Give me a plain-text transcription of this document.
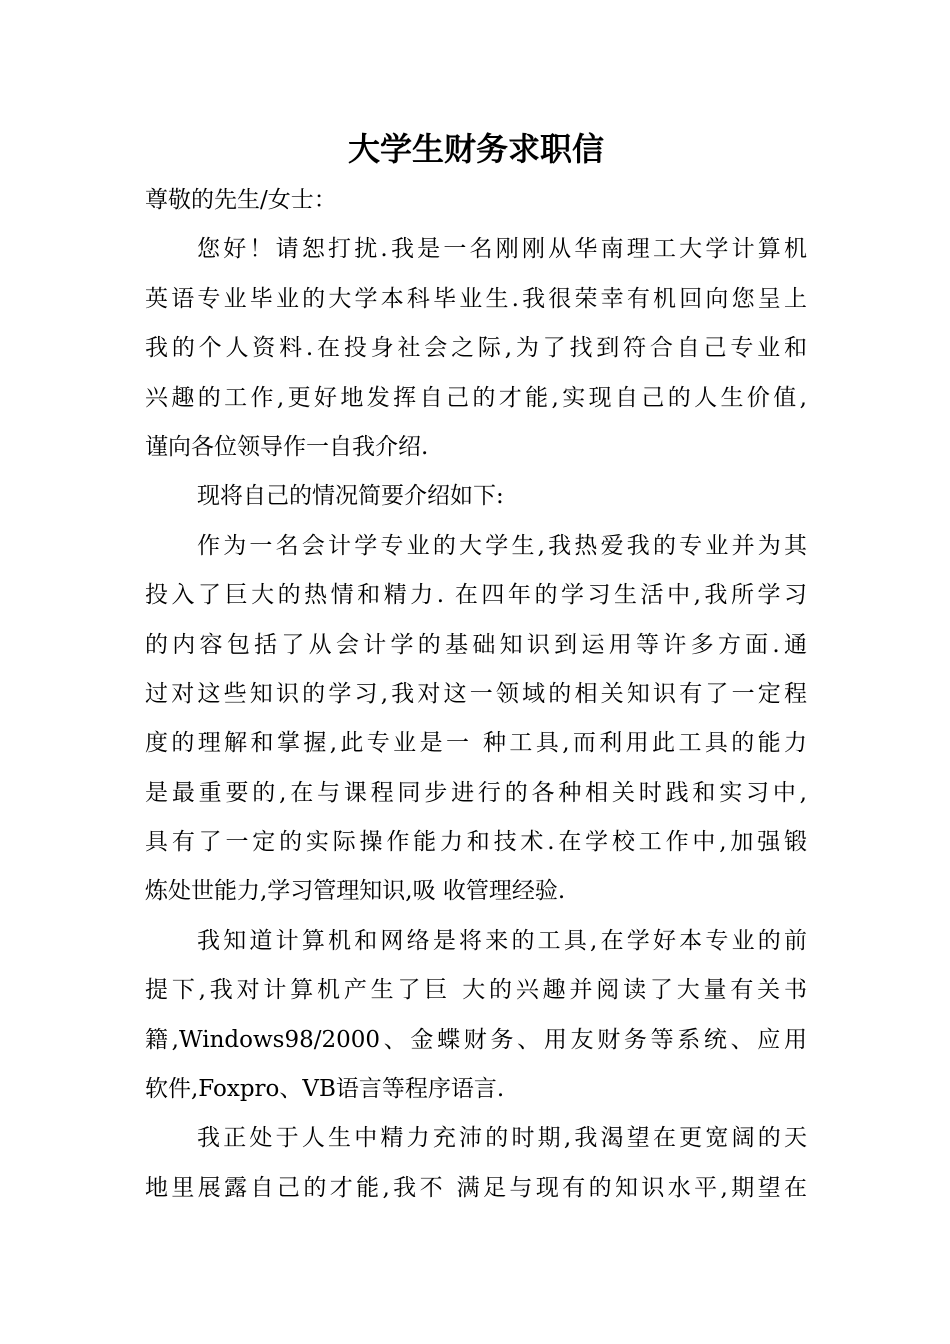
大学生财务求职信
尊敬的先生/女士：
您好！请恕打扰.我是一名刚刚从华南理工大学计算机
英语专业毕业的大学本科毕业生.我很荣幸有机回向您呈上
我的个人资料.在投身社会之际,为了找到符合自己专业和
兴趣的工作,更好地发挥自己的才能,实现自己的人生价值,
谨向各位领导作一自我介绍.
现将自己的情况简要介绍如下:
作为一名会计学专业的大学生,我热爱我的专业并为其
投入了巨大的热情和精力. 在四年的学习生活中,我所学习
的内容包括了从会计学的基础知识到运用等许多方面.通
过对这些知识的学习,我对这一领域的相关知识有了一定程
度的理解和掌握,此专业是一 种工具,而利用此工具的能力
是最重要的,在与课程同步进行的各种相关时践和实习中,
具有了一定的实际操作能力和技术.在学校工作中,加强锻
炼处世能力,学习管理知识,吸 收管理经验.
我知道计算机和网络是将来的工具,在学好本专业的前
提下,我对计算机产生了巨 大的兴趣并阅读了大量有关书
籍,Windows98/2000、金蝶财务、用友财务等系统、应用
软件,Foxpro、VB语言等程序语言.
我正处于人生中精力充沛的时期,我渴望在更宽阔的天
地里展露自己的才能,我不 满足与现有的知识水平,期望在
